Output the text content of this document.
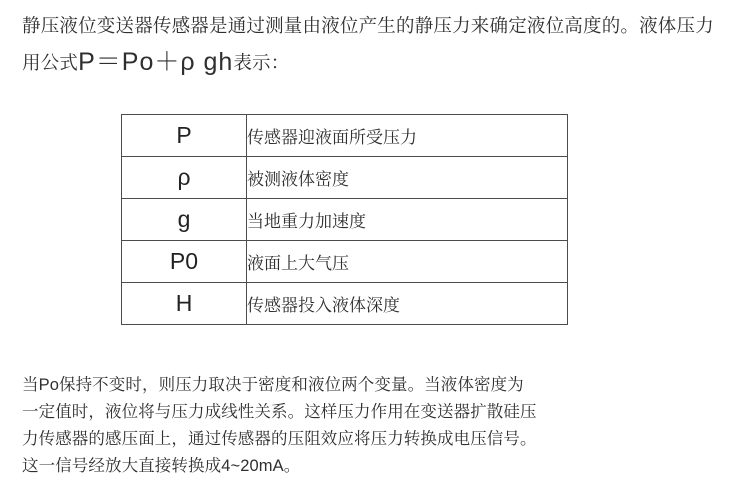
静压液位变送器传感器是通过测量由液位产生的静压力来确定液位高度的。液体压力用公式P＝Po＋ρ gh表示：
P	传感器迎液面所受压力
ρ	被测液体密度
g	当地重力加速度
P0	液面上大气压
H	传感器投入液体深度

当Po保持不变时，则压力取决于密度和液位两个变量。当液体密度为

一定值时，液位将与压力成线性关系。这样压力作用在变送器扩散硅压

力传感器的感压面上，通过传感器的压阻效应将压力转换成电压信号。

这一信号经放大直接转换成4~20mA。
